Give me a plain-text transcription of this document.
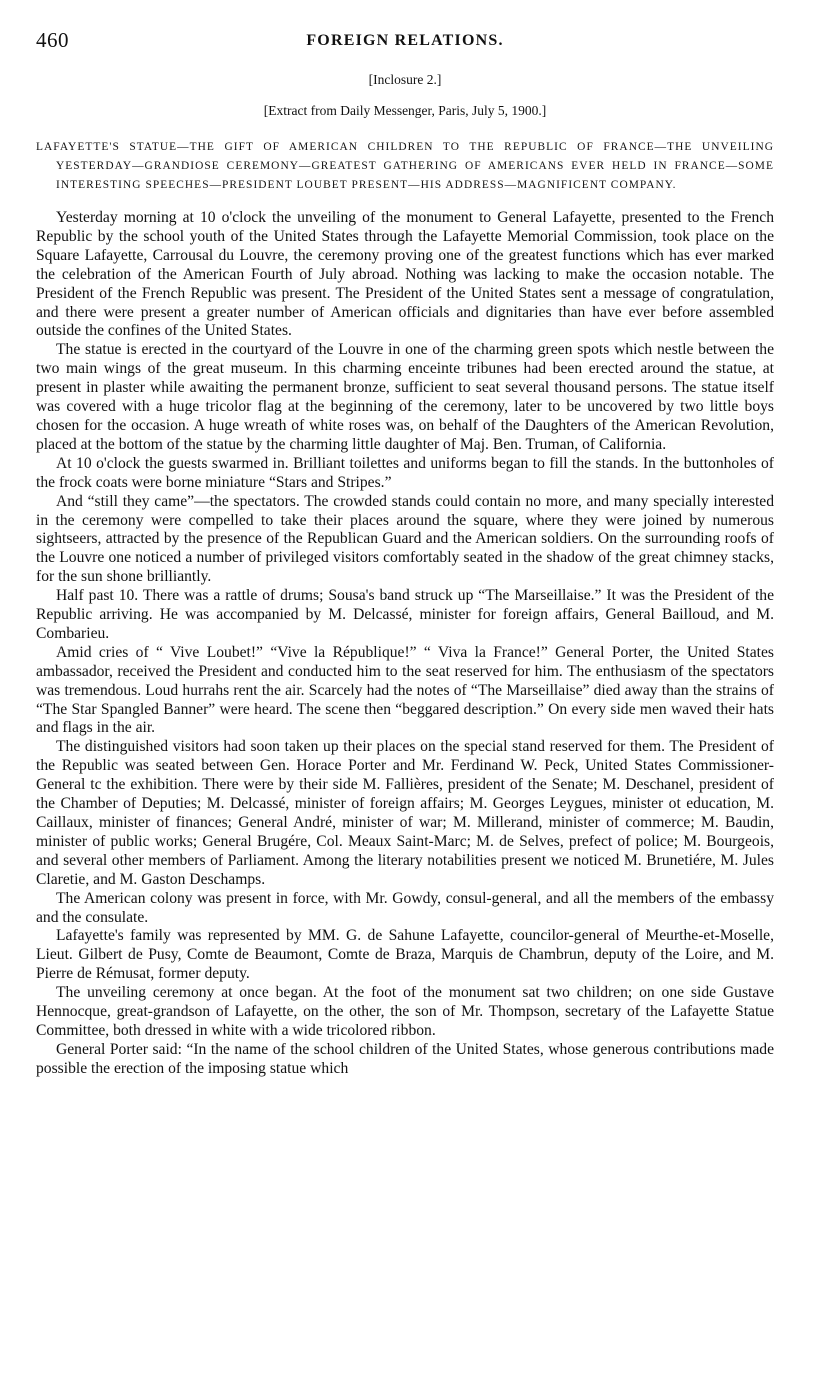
460	FOREIGN RELATIONS.

[Inclosure 2.]

[Extract from Daily Messenger, Paris, July 5, 1900.]

LAFAYETTE'S STATUE—THE GIFT OF AMERICAN CHILDREN TO THE REPUBLIC OF FRANCE—THE UNVEILING YESTERDAY—GRANDIOSE CEREMONY—GREATEST GATHERING OF AMERICANS EVER HELD IN FRANCE—SOME INTERESTING SPEECHES—PRESIDENT LOUBET PRESENT—HIS ADDRESS—MAGNIFICENT COMPANY.

Yesterday morning at 10 o'clock the unveiling of the monument to General Lafayette, presented to the French Republic by the school youth of the United States through the Lafayette Memorial Commission, took place on the Square Lafayette, Carrousal du Louvre, the ceremony proving one of the greatest functions which has ever marked the celebration of the American Fourth of July abroad. Nothing was lacking to make the occasion notable. The President of the French Republic was present. The President of the United States sent a message of congratulation, and there were present a greater number of American officials and dignitaries than have ever before assembled outside the confines of the United States.

The statue is erected in the courtyard of the Louvre in one of the charming green spots which nestle between the two main wings of the great museum. In this charming enceinte tribunes had been erected around the statue, at present in plaster while awaiting the permanent bronze, sufficient to seat several thousand persons. The statue itself was covered with a huge tricolor flag at the beginning of the ceremony, later to be uncovered by two little boys chosen for the occasion. A huge wreath of white roses was, on behalf of the Daughters of the American Revolution, placed at the bottom of the statue by the charming little daughter of Maj. Ben. Truman, of California.

At 10 o'clock the guests swarmed in. Brilliant toilettes and uniforms began to fill the stands. In the buttonholes of the frock coats were borne miniature “Stars and Stripes.”

And “still they came”—the spectators. The crowded stands could contain no more, and many specially interested in the ceremony were compelled to take their places around the square, where they were joined by numerous sightseers, attracted by the presence of the Republican Guard and the American soldiers. On the surrounding roofs of the Louvre one noticed a number of privileged visitors comfortably seated in the shadow of the great chimney stacks, for the sun shone brilliantly.

Half past 10. There was a rattle of drums; Sousa's band struck up “The Marseillaise.” It was the President of the Republic arriving. He was accompanied by M. Delcassé, minister for foreign affairs, General Bailloud, and M. Combarieu.

Amid cries of “ Vive Loubet!” “Vive la République!” “ Viva la France!” General Porter, the United States ambassador, received the President and conducted him to the seat reserved for him. The enthusiasm of the spectators was tremendous. Loud hurrahs rent the air. Scarcely had the notes of “The Marseillaise” died away than the strains of “The Star Spangled Banner” were heard. The scene then “beggared description.” On every side men waved their hats and flags in the air.

The distinguished visitors had soon taken up their places on the special stand reserved for them. The President of the Republic was seated between Gen. Horace Porter and Mr. Ferdinand W. Peck, United States Commissioner-General tc the exhibition. There were by their side M. Fallières, president of the Senate; M. Deschanel, president of the Chamber of Deputies; M. Delcassé, minister of foreign affairs; M. Georges Leygues, minister ot education, M. Caillaux, minister of finances; General André, minister of war; M. Millerand, minister of commerce; M. Baudin, minister of public works; General Brugére, Col. Meaux Saint-Marc; M. de Selves, prefect of police; M. Bourgeois, and several other members of Parliament. Among the literary notabilities present we noticed M. Brunetiére, M. Jules Claretie, and M. Gaston Deschamps.

The American colony was present in force, with Mr. Gowdy, consul-general, and all the members of the embassy and the consulate.

Lafayette's family was represented by MM. G. de Sahune Lafayette, councilor-general of Meurthe-et-Moselle, Lieut. Gilbert de Pusy, Comte de Beaumont, Comte de Braza, Marquis de Chambrun, deputy of the Loire, and M. Pierre de Rémusat, former deputy.

The unveiling ceremony at once began. At the foot of the monument sat two children; on one side Gustave Hennocque, great-grandson of Lafayette, on the other, the son of Mr. Thompson, secretary of the Lafayette Statue Committee, both dressed in white with a wide tricolored ribbon.

General Porter said: “In the name of the school children of the United States, whose generous contributions made possible the erection of the imposing statue which
